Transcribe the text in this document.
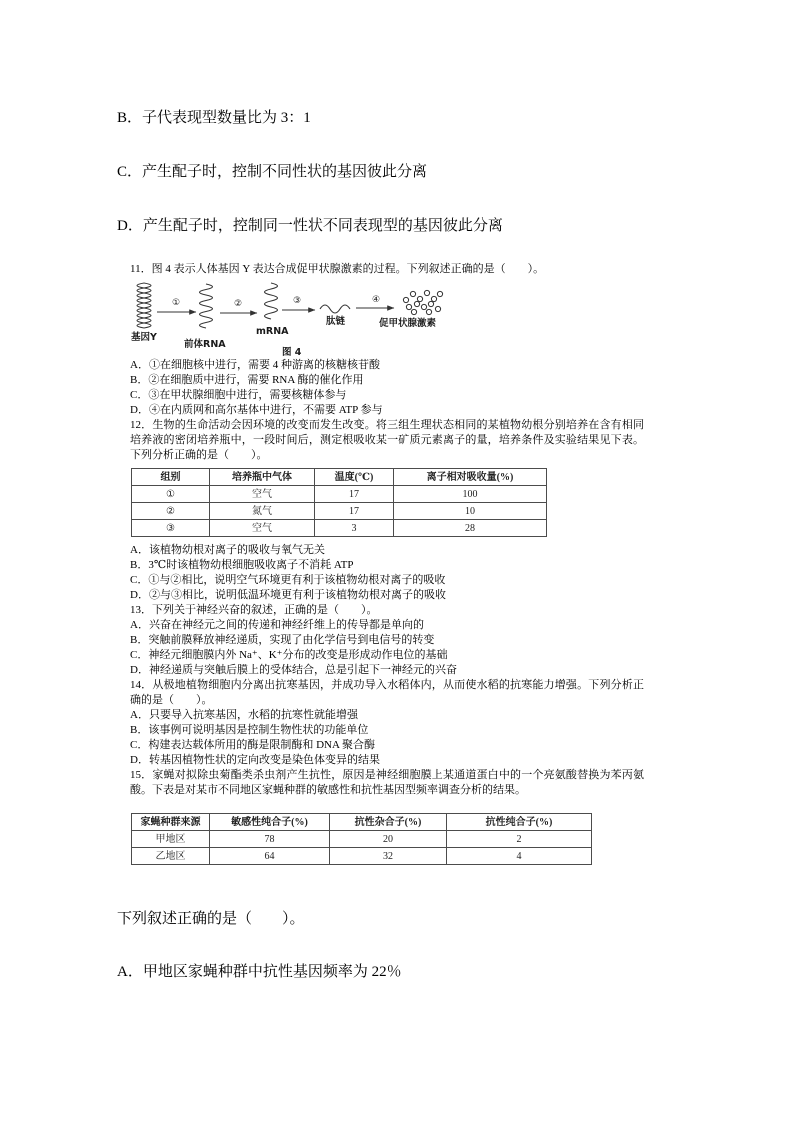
B．子代表现型数量比为 3：1
C．产生配子时，控制不同性状的基因彼此分离
D．产生配子时，控制同一性状不同表现型的基因彼此分离
11．图 4 表示人体基因 Y 表达合成促甲状腺激素的过程。下列叙述正确的是（　　）。
基因Y
①
前体RNA
②
mRNA
③
肽链
④
促甲状腺激素
图 4
A．①在细胞核中进行，需要 4 种游离的核糖核苷酸
B．②在细胞质中进行，需要 RNA 酶的催化作用
C．③在甲状腺细胞中进行，需要核糖体参与
D．④在内质网和高尔基体中进行，不需要 ATP 参与
12．生物的生命活动会因环境的改变而发生改变。将三组生理状态相同的某植物幼根分别培养在含有相同培养液的密闭培养瓶中，一段时间后，测定根吸收某一矿质元素离子的量，培养条件及实验结果见下表。下列分析正确的是（　　）。
组别	培养瓶中气体	温度(℃)	离子相对吸收量(%)
①	空气	17	100
②	氮气	17	10
③	空气	3	28
A．该植物幼根对离子的吸收与氧气无关
B．3℃时该植物幼根细胞吸收离子不消耗 ATP
C．①与②相比，说明空气环境更有利于该植物幼根对离子的吸收
D．②与③相比，说明低温环境更有利于该植物幼根对离子的吸收
13．下列关于神经兴奋的叙述，正确的是（　　）。
A．兴奋在神经元之间的传递和神经纤维上的传导都是单向的
B．突触前膜释放神经递质，实现了由化学信号到电信号的转变
C．神经元细胞膜内外 Na⁺、K⁺分布的改变是形成动作电位的基础
D．神经递质与突触后膜上的受体结合，总是引起下一神经元的兴奋
14．从极地植物细胞内分离出抗寒基因，并成功导入水稻体内，从而使水稻的抗寒能力增强。下列分析正确的是（　　）。
A．只要导入抗寒基因，水稻的抗寒性就能增强
B．该事例可说明基因是控制生物性状的功能单位
C．构建表达载体所用的酶是限制酶和 DNA 聚合酶
D．转基因植物性状的定向改变是染色体变异的结果
15．家蝇对拟除虫菊酯类杀虫剂产生抗性，原因是神经细胞膜上某通道蛋白中的一个亮氨酸替换为苯丙氨酸。下表是对某市不同地区家蝇种群的敏感性和抗性基因型频率调查分析的结果。
家蝇种群来源	敏感性纯合子(%)	抗性杂合子(%)	抗性纯合子(%)
甲地区	78	20	2
乙地区	64	32	4
下列叙述正确的是（　　）。
A．甲地区家蝇种群中抗性基因频率为 22％
